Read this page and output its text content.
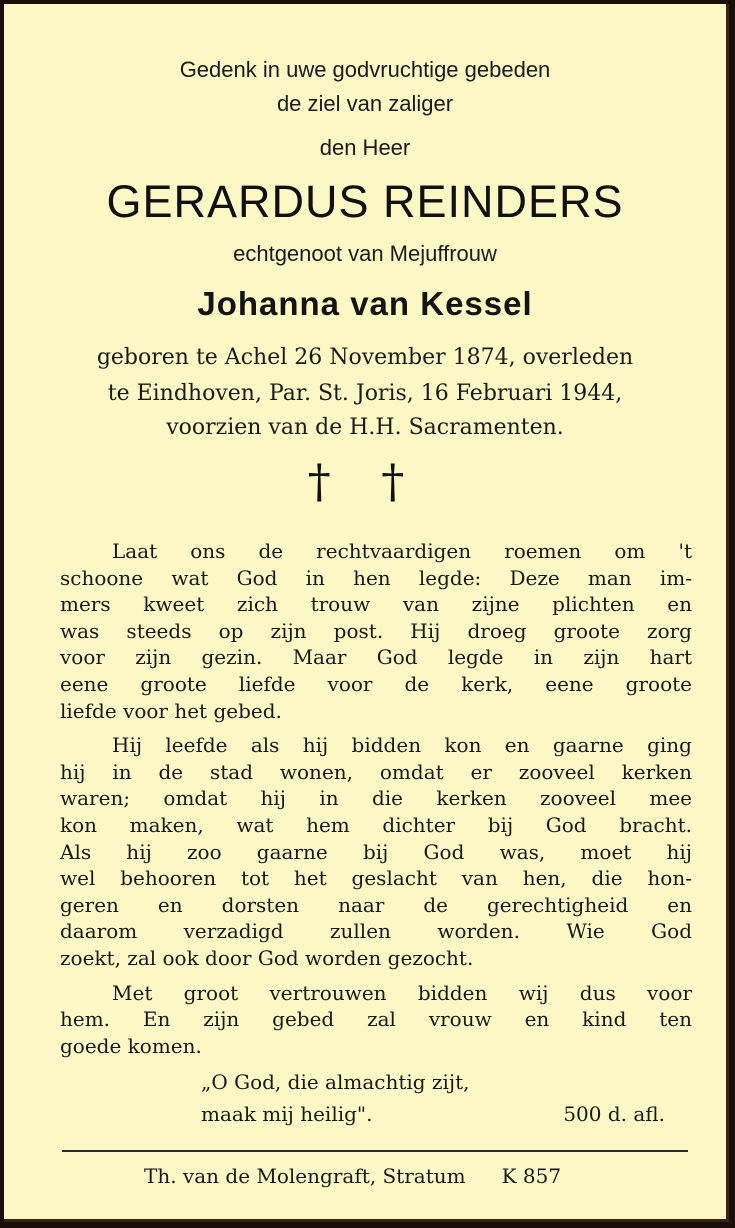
Gedenk in uwe godvruchtige gebeden
de ziel van zaliger
den Heer
GERARDUS REINDERS
echtgenoot van Mejuffrouw
Johanna van Kessel
geboren te Achel 26 November 1874, overleden
te Eindhoven, Par. St. Joris, 16 Februari 1944,
voorzien van de H.H. Sacramenten.
† †
Laat ons de rechtvaardigen roemen om 't
schoone wat God in hen legde: Deze man im-
mers kweet zich trouw van zijne plichten en
was steeds op zijn post. Hij droeg groote zorg
voor zijn gezin. Maar God legde in zijn hart
eene groote liefde voor de kerk, eene groote
liefde voor het gebed.
Hij leefde als hij bidden kon en gaarne ging
hij in de stad wonen, omdat er zooveel kerken
waren; omdat hij in die kerken zooveel mee
kon maken, wat hem dichter bij God bracht.
Als hij zoo gaarne bij God was, moet hij
wel behooren tot het geslacht van hen, die hon-
geren en dorsten naar de gerechtigheid en
daarom verzadigd zullen worden. Wie God
zoekt, zal ook door God worden gezocht.
Met groot vertrouwen bidden wij dus voor
hem. En zijn gebed zal vrouw en kind ten
goede komen.
„O God, die almachtig zijt,
maak mij heilig".	500 d. afl.
Th. van de Molengraft, Stratum K 857
